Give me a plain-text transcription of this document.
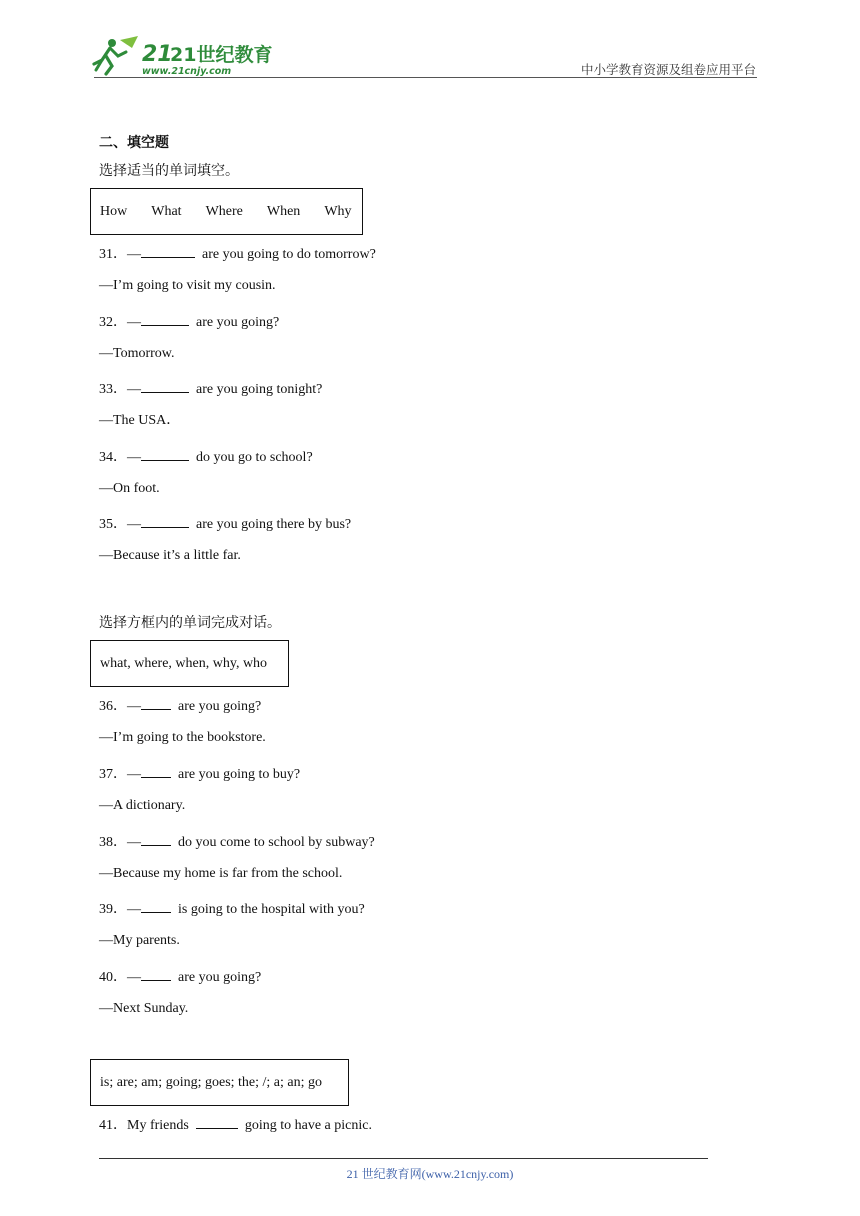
21
21世纪教育
www.21cnjy.com	中小学教育资源及组卷应用平台
二、填空题
选择适当的单词填空。
How What Where When Why
31．—	are you going to do tomorrow?
—I’m going to visit my cousin.
32．—	are you going?
—Tomorrow.
33．—	are you going tonight?
—The USA．
34．—	do you go to school?
—On foot.
35．—	are you going there by bus?
—Because it’s a little far.
选择方框内的单词完成对话。
what, where, when, why, who
36．—	are you going?
—I’m going to the bookstore.
37．—	are you going to buy?
—A dictionary.
38．—	do you come to school by subway?
—Because my home is far from the school.
39．—	is going to the hospital with you?
—My parents.
40．—	are you going?
—Next Sunday.
is; are; am; going; goes; the; /; a; an; go
41．My friends	going to have a picnic.
21 世纪教育网(www.21cnjy.com)
